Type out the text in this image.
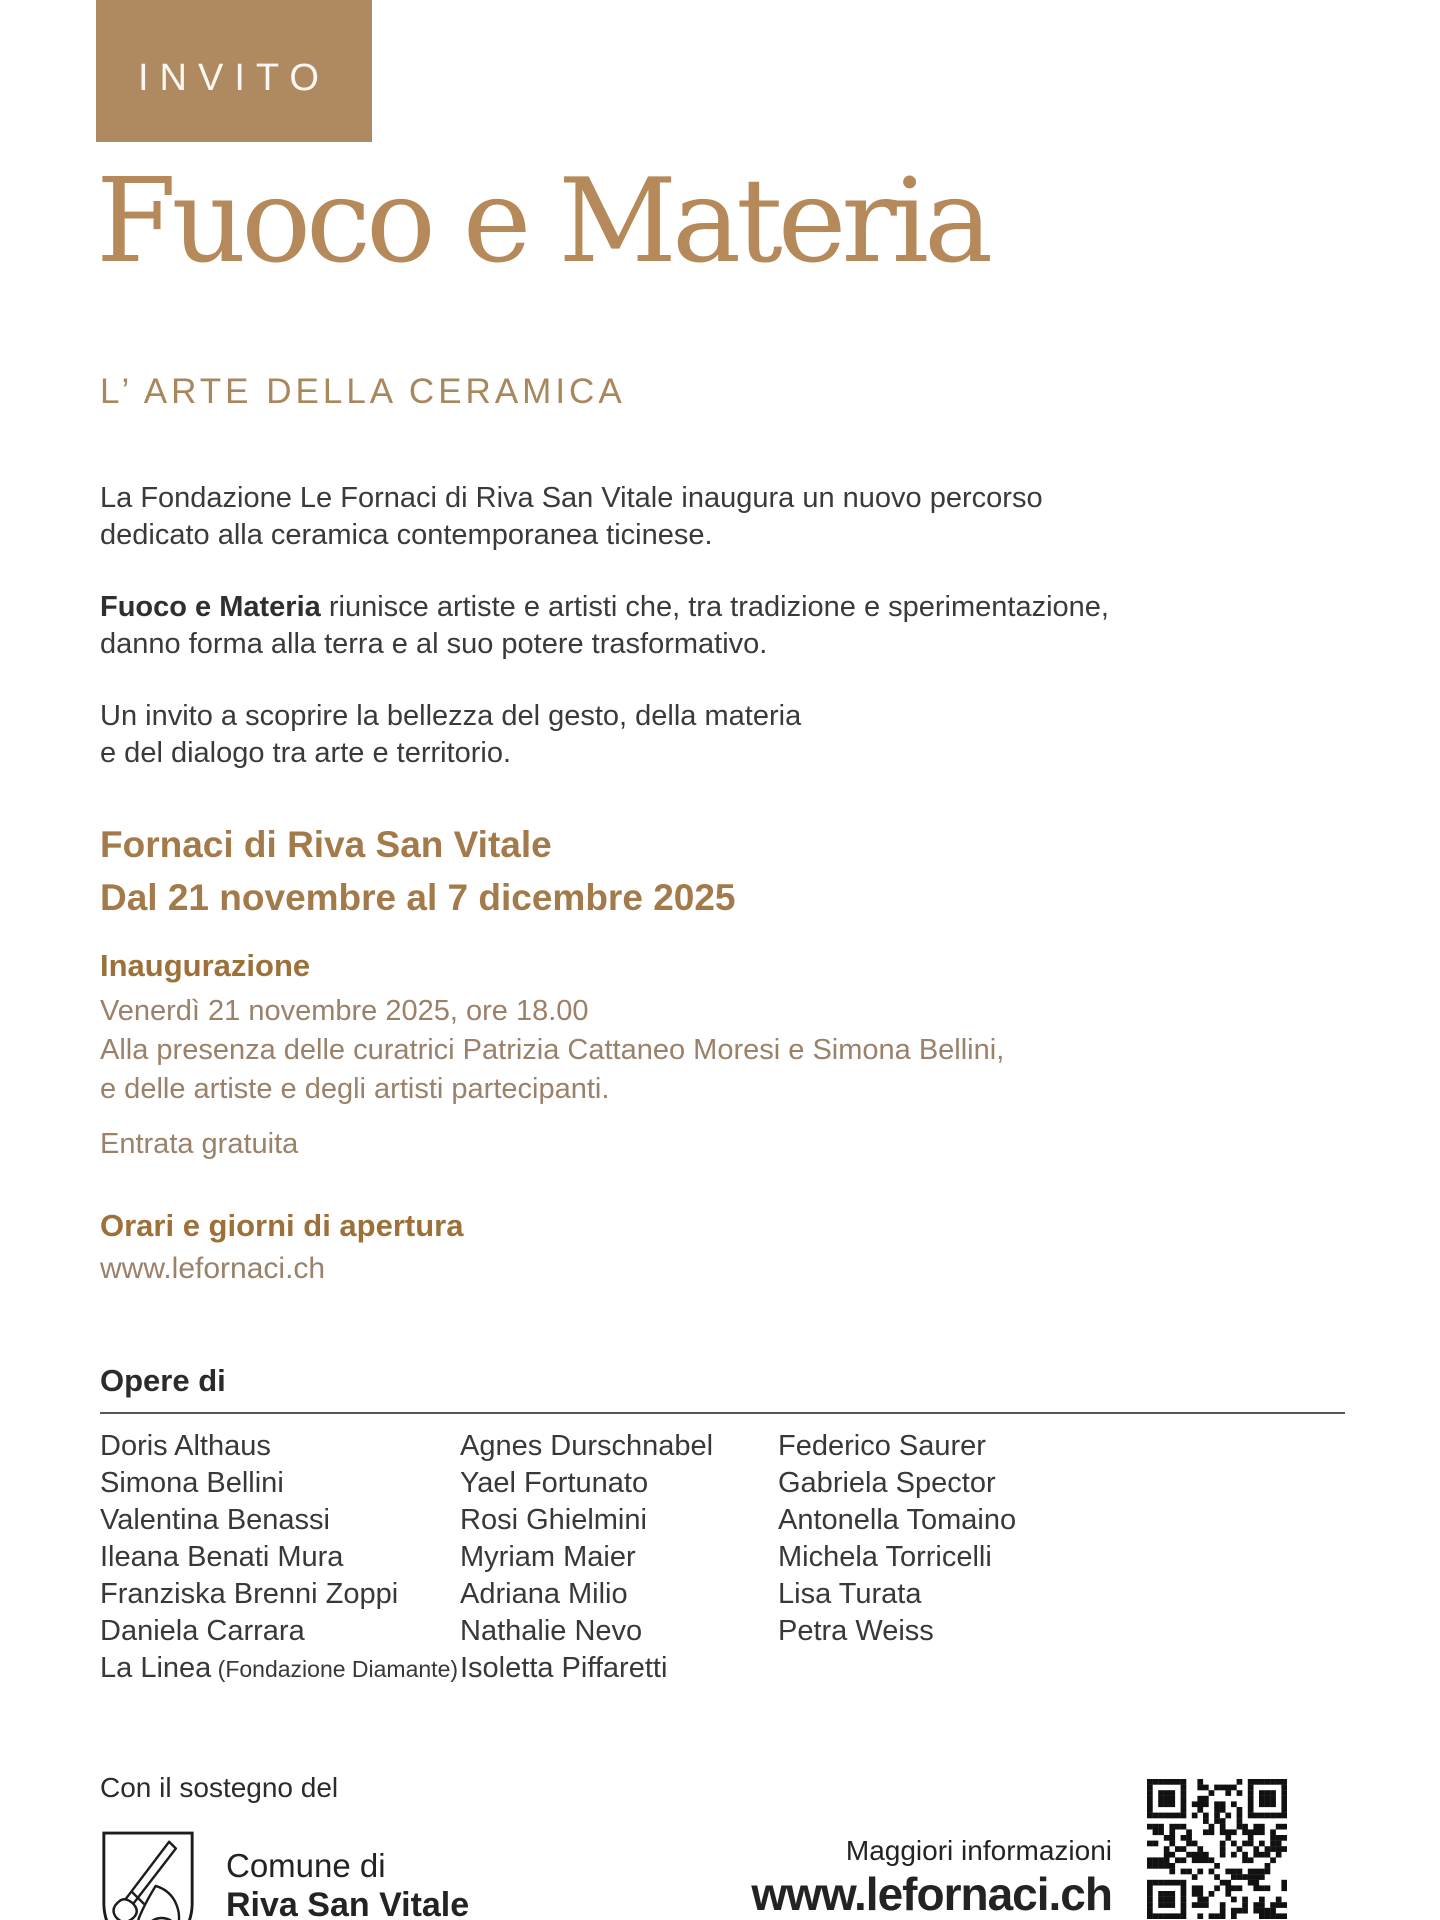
INVITO
Fuoco e Materia
L’ ARTE DELLA CERAMICA

La Fondazione Le Fornaci di Riva San Vitale inaugura un nuovo percorso
dedicato alla ceramica contemporanea ticinese.

Fuoco e Materia riunisce artiste e artisti che, tra tradizione e sperimentazione,
danno forma alla terra e al suo potere trasformativo.

Un invito a scoprire la bellezza del gesto, della materia
e del dialogo tra arte e territorio.

Fornaci di Riva San Vitale
Dal 21 novembre al 7 dicembre 2025
Inaugurazione
Venerdì 21 novembre 2025, ore 18.00
Alla presenza delle curatrici Patrizia Cattaneo Moresi e Simona Bellini,
e delle artiste e degli artisti partecipanti.
Entrata gratuita
Orari e giorni di apertura
www.lefornaci.ch
Opere di
Doris Althaus
Simona Bellini
Valentina Benassi
Ileana Benati Mura
Franziska Brenni Zoppi
Daniela Carrara
La Linea (Fondazione Diamante)
Agnes Durschnabel
Yael Fortunato
Rosi Ghielmini
Myriam Maier
Adriana Milio
Nathalie Nevo
Isoletta Piffaretti
Federico Saurer
Gabriela Spector
Antonella Tomaino
Michela Torricelli
Lisa Turata
Petra Weiss
Con il sostegno del
Comune di
Riva San Vitale
Maggiori informazioni
www.lefornaci.ch
